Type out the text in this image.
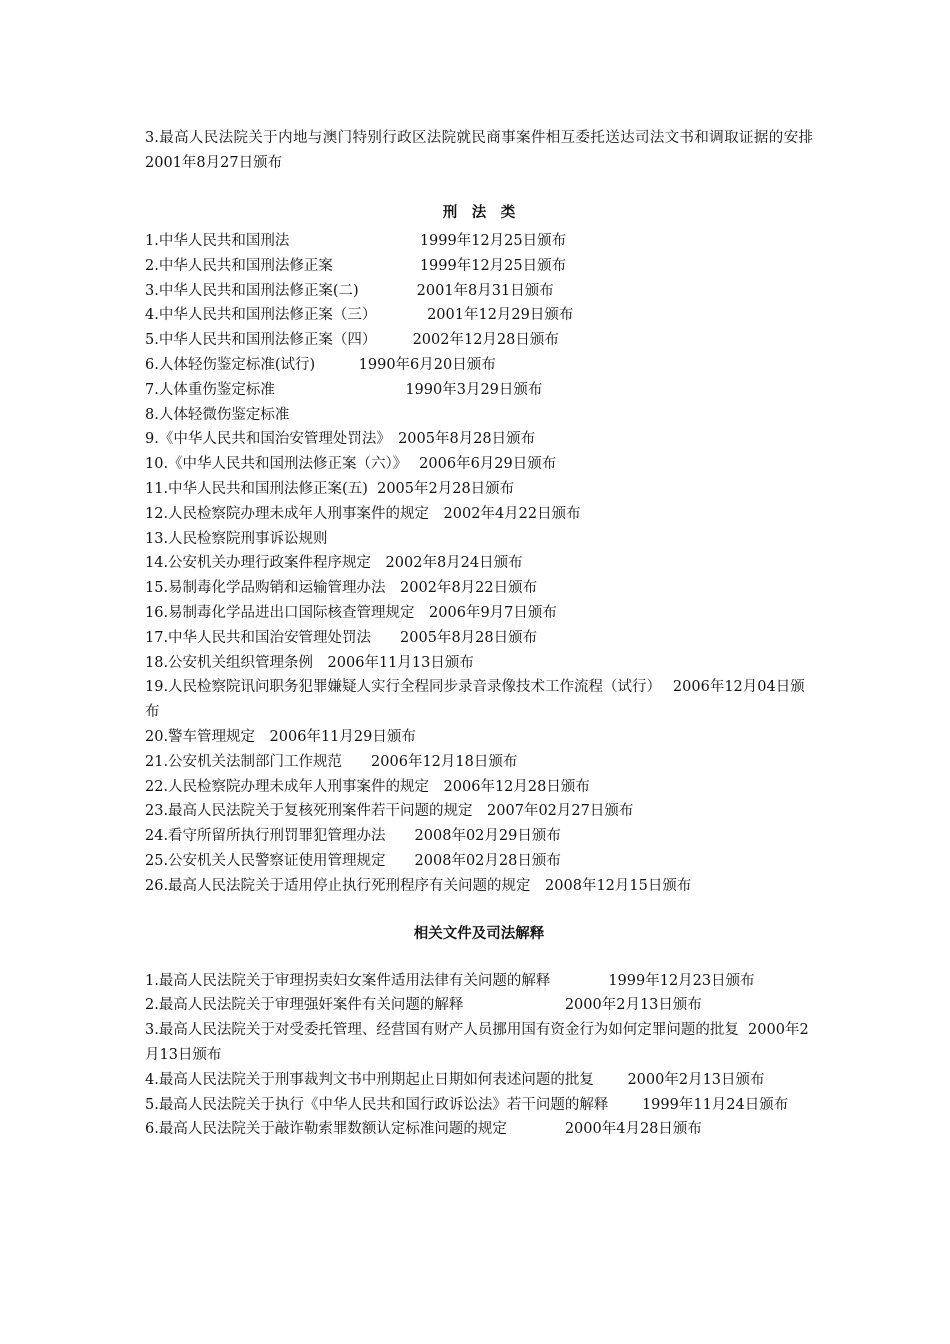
3.最高人民法院关于内地与澳门特别行政区法院就民商事案件相互委托送达司法文书和调取证据的安排　　　　2001年8月27日颁布

刑　法　类

1.中华人民共和国刑法　　　　　　　　　1999年12月25日颁布

2.中华人民共和国刑法修正案　　　　　　1999年12月25日颁布

3.中华人民共和国刑法修正案(二)　　　　2001年8月31日颁布

4.中华人民共和国刑法修正案（三）　　　　2001年12月29日颁布

5.中华人民共和国刑法修正案（四）　　　2002年12月28日颁布

6.人体轻伤鉴定标准(试行)　　　1990年6月20日颁布

7.人体重伤鉴定标准　　　　　　　　　1990年3月29日颁布

8.人体轻微伤鉴定标准

9.《中华人民共和国治安管理处罚法》　2005年8月28日颁布

10.《中华人民共和国刑法修正案（六）》　 2006年6月29日颁布

11.中华人民共和国刑法修正案(五)  2005年2月28日颁布

12.人民检察院办理未成年人刑事案件的规定　2002年4月22日颁布

13.人民检察院刑事诉讼规则

14.公安机关办理行政案件程序规定　2002年8月24日颁布

15.易制毒化学品购销和运输管理办法　2002年8月22日颁布

16.易制毒化学品进出口国际核查管理规定　2006年9月7日颁布

17.中华人民共和国治安管理处罚法　　2005年8月28日颁布

18.公安机关组织管理条例　2006年11月13日颁布

19.人民检察院讯问职务犯罪嫌疑人实行全程同步录音录像技术工作流程（试行）　 2006年12月04日颁布

20.警车管理规定　2006年11月29日颁布

21.公安机关法制部门工作规范　　2006年12月18日颁布

22.人民检察院办理未成年人刑事案件的规定　2006年12月28日颁布

23.最高人民法院关于复核死刑案件若干问题的规定　2007年02月27日颁布

24.看守所留所执行刑罚罪犯管理办法　　2008年02月29日颁布

25.公安机关人民警察证使用管理规定　　2008年02月28日颁布

26.最高人民法院关于适用停止执行死刑程序有关问题的规定　2008年12月15日颁布

相关文件及司法解释

1.最高人民法院关于审理拐卖妇女案件适用法律有关问题的解释　　　　1999年12月23日颁布

2.最高人民法院关于审理强奸案件有关问题的解释　　　　　　　2000年2月13日颁布

3.最高人民法院关于对受委托管理、经营国有财产人员挪用国有资金行为如何定罪问题的批复  2000年2月13日颁布

4.最高人民法院关于刑事裁判文书中刑期起止日期如何表述问题的批复　　 2000年2月13日颁布

5.最高人民法院关于执行《中华人民共和国行政诉讼法》若干问题的解释　　 1999年11月24日颁布

6.最高人民法院关于敲诈勒索罪数额认定标准问题的规定　　　　2000年4月28日颁布
